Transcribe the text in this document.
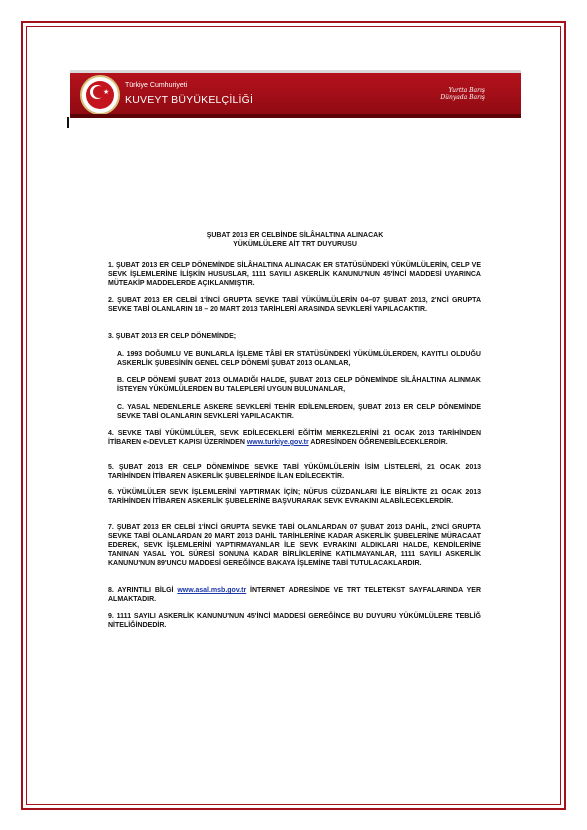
★
Türkiye Cumhuriyeti
KUVEYT BÜYÜKELÇİLİĞİ
Yurtta Barış
Dünyada Barış
ŞUBAT 2013 ER CELBİNDE SİLÂHALTINA ALINACAK
YÜKÜMLÜLERE AİT TRT DUYURUSU

1. ŞUBAT 2013 ER CELP DÖNEMİNDE SİLÂHALTINA ALINACAK ER STATÜSÜNDEKİ YÜKÜMLÜLERİN, CELP VE SEVK İŞLEMLERİNE İLİŞKİN HUSUSLAR, 1111 SAYILI ASKERLİK KANUNU'NUN 45'İNCİ MADDESİ UYARINCA MÜTEAKİP MADDELERDE AÇIKLANMIŞTIR.

2. ŞUBAT 2013 ER CELBİ 1'İNCİ GRUPTA SEVKE TABİ YÜKÜMLÜLERİN 04–07 ŞUBAT 2013, 2'NCİ GRUPTA SEVKE TABİ OLANLARIN 18 – 20 MART 2013 TARİHLERİ ARASINDA SEVKLERİ YAPILACAKTIR.

3. ŞUBAT 2013 ER CELP DÖNEMİNDE;

A. 1993 DOĞUMLU VE BUNLARLA İŞLEME TÂBİ ER STATÜSÜNDEKİ YÜKÜMLÜLERDEN, KAYITLI OLDUĞU ASKERLİK ŞUBESİNİN GENEL CELP DÖNEMİ ŞUBAT 2013 OLANLAR,

B. CELP DÖNEMİ ŞUBAT 2013 OLMADIĞI HALDE, ŞUBAT 2013 CELP DÖNEMİNDE SİLÂHALTINA ALINMAK İSTEYEN YÜKÜMLÜLERDEN BU TALEPLERİ UYGUN BULUNANLAR,

C. YASAL NEDENLERLE ASKERE SEVKLERİ TEHİR EDİLENLERDEN, ŞUBAT 2013 ER CELP DÖNEMİNDE SEVKE TABİ OLANLARIN SEVKLERİ YAPILACAKTIR.

4. SEVKE TABİ YÜKÜMLÜLER, SEVK EDİLECEKLERİ EĞİTİM MERKEZLERİNİ 21 OCAK 2013 TARİHİNDEN İTİBAREN e-DEVLET KAPISI ÜZERİNDEN www.turkiye.gov.tr ADRESİNDEN ÖĞRENEBİLECEKLERDİR.

5. ŞUBAT 2013 ER CELP DÖNEMİNDE SEVKE TABİ YÜKÜMLÜLERİN İSİM LİSTELERİ, 21 OCAK 2013 TARİHİNDEN İTİBAREN ASKERLİK ŞUBELERİNDE İLAN EDİLECEKTİR.

6. YÜKÜMLÜLER SEVK İŞLEMLERİNİ YAPTIRMAK İÇİN; NÜFUS CÜZDANLARI İLE BİRLİKTE 21 OCAK 2013 TARİHİNDEN İTİBAREN ASKERLİK ŞUBELERİNE BAŞVURARAK SEVK EVRAKINI ALABİLECEKLERDİR.

7. ŞUBAT 2013 ER CELBİ 1'İNCİ GRUPTA SEVKE TABİ OLANLARDAN 07 ŞUBAT 2013 DAHİL, 2'NCİ GRUPTA SEVKE TABİ OLANLARDAN 20 MART 2013 DAHİL TARİHLERİNE KADAR ASKERLİK ŞUBELERİNE MÜRACAAT EDEREK, SEVK İŞLEMLERİNİ YAPTIRMAYANLAR İLE SEVK EVRAKINI ALDIKLARI HALDE, KENDİLERİNE TANINAN YASAL YOL SÜRESİ SONUNA KADAR BİRLİKLERİNE KATILMAYANLAR, 1111 SAYILI ASKERLİK KANUNU'NUN 89'UNCU MADDESİ GEREĞİNCE BAKAYA İŞLEMİNE TABİ TUTULACAKLARDIR.

8. AYRINTILI BİLGİ www.asal.msb.gov.tr İNTERNET ADRESİNDE VE TRT TELETEKST SAYFALARINDA YER ALMAKTADIR.

9. 1111 SAYILI ASKERLİK KANUNU'NUN 45'İNCİ MADDESİ GEREĞİNCE BU DUYURU YÜKÜMLÜLERE TEBLİĞ NİTELİĞİNDEDİR.
